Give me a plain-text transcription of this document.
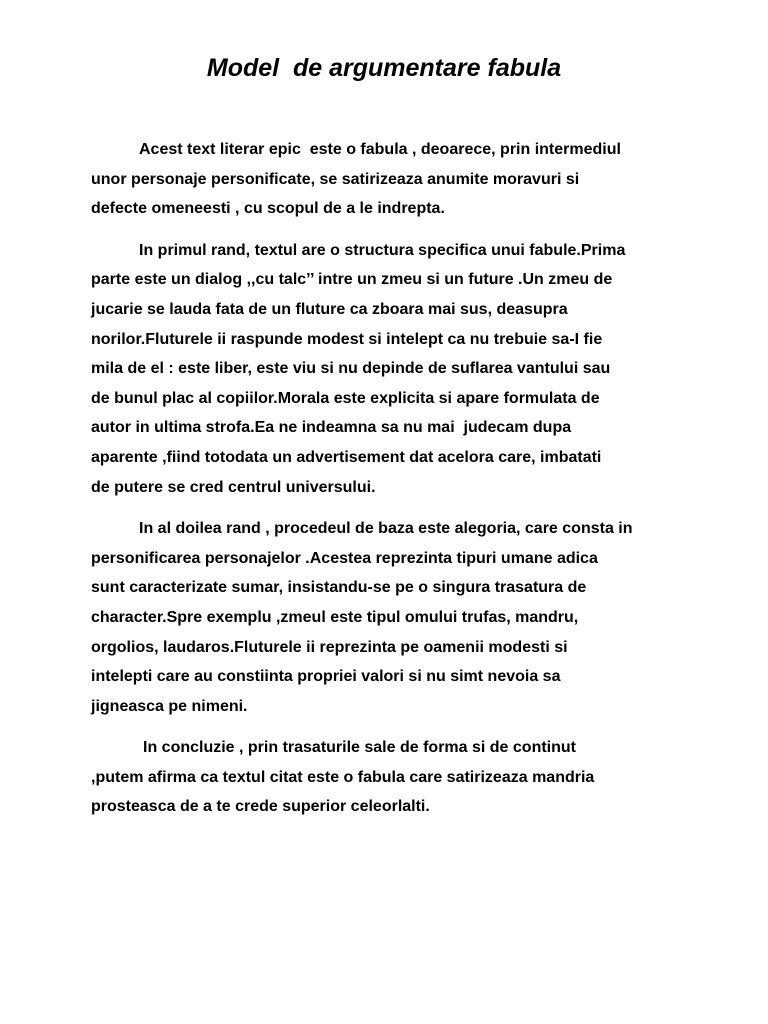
Model  de argumentare fabula

Acest text literar epic  este o fabula , deoarece, prin intermediul
unor personaje personificate, se satirizeaza anumite moravuri si
defecte omeneesti , cu scopul de a le indrepta.

In primul rand, textul are o structura specifica unui fabule.Prima
parte este un dialog ,,cu talc’’ intre un zmeu si un future .Un zmeu de
jucarie se lauda fata de un fluture ca zboara mai sus, deasupra
norilor.Fluturele ii raspunde modest si intelept ca nu trebuie sa-I fie
mila de el : este liber, este viu si nu depinde de suflarea vantului sau
de bunul plac al copiilor.Morala este explicita si apare formulata de
autor in ultima strofa.Ea ne indeamna sa nu mai  judecam dupa
aparente ,fiind totodata un advertisement dat acelora care, imbatati
de putere se cred centrul universului.

In al doilea rand , procedeul de baza este alegoria, care consta in
personificarea personajelor .Acestea reprezinta tipuri umane adica
sunt caracterizate sumar, insistandu-se pe o singura trasatura de
character.Spre exemplu ,zmeul este tipul omului trufas, mandru,
orgolios, laudaros.Fluturele ii reprezinta pe oamenii modesti si
intelepti care au constiinta propriei valori si nu simt nevoia sa
jigneasca pe nimeni.

In concluzie , prin trasaturile sale de forma si de continut
,putem afirma ca textul citat este o fabula care satirizeaza mandria
prosteasca de a te crede superior celeorlalti.
